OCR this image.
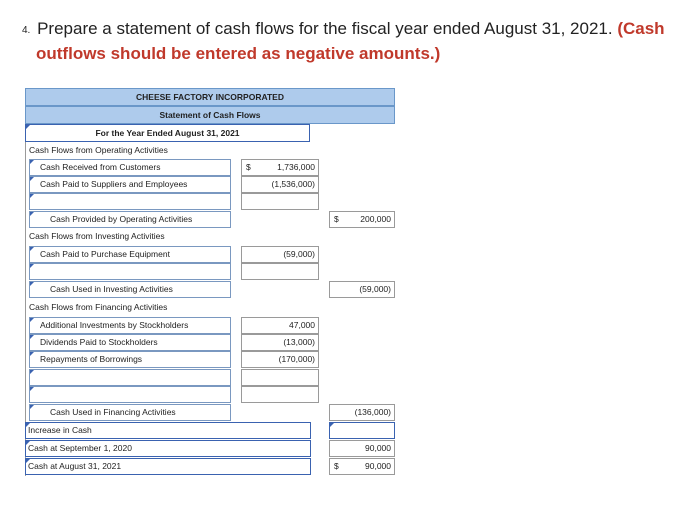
4. Prepare a statement of cash flows for the fiscal year ended August 31, 2021. (Cash
outflows should be entered as negative amounts.)
CHEESE FACTORY INCORPORATED
Statement of Cash Flows
For the Year Ended August 31, 2021
Cash Flows from Operating Activities
Cash Received from Customers	$	1,736,000
Cash Paid to Suppliers and Employees	(1,536,000)
Cash Provided by Operating Activities	$	200,000
Cash Flows from Investing Activities
Cash Paid to Purchase Equipment	(59,000)
Cash Used in Investing Activities	(59,000)
Cash Flows from Financing Activities
Additional Investments by Stockholders	47,000
Dividends Paid to Stockholders	(13,000)
Repayments of Borrowings	(170,000)
Cash Used in Financing Activities	(136,000)
Increase in Cash
Cash at September 1, 2020	90,000
Cash at August 31, 2021	$	90,000
